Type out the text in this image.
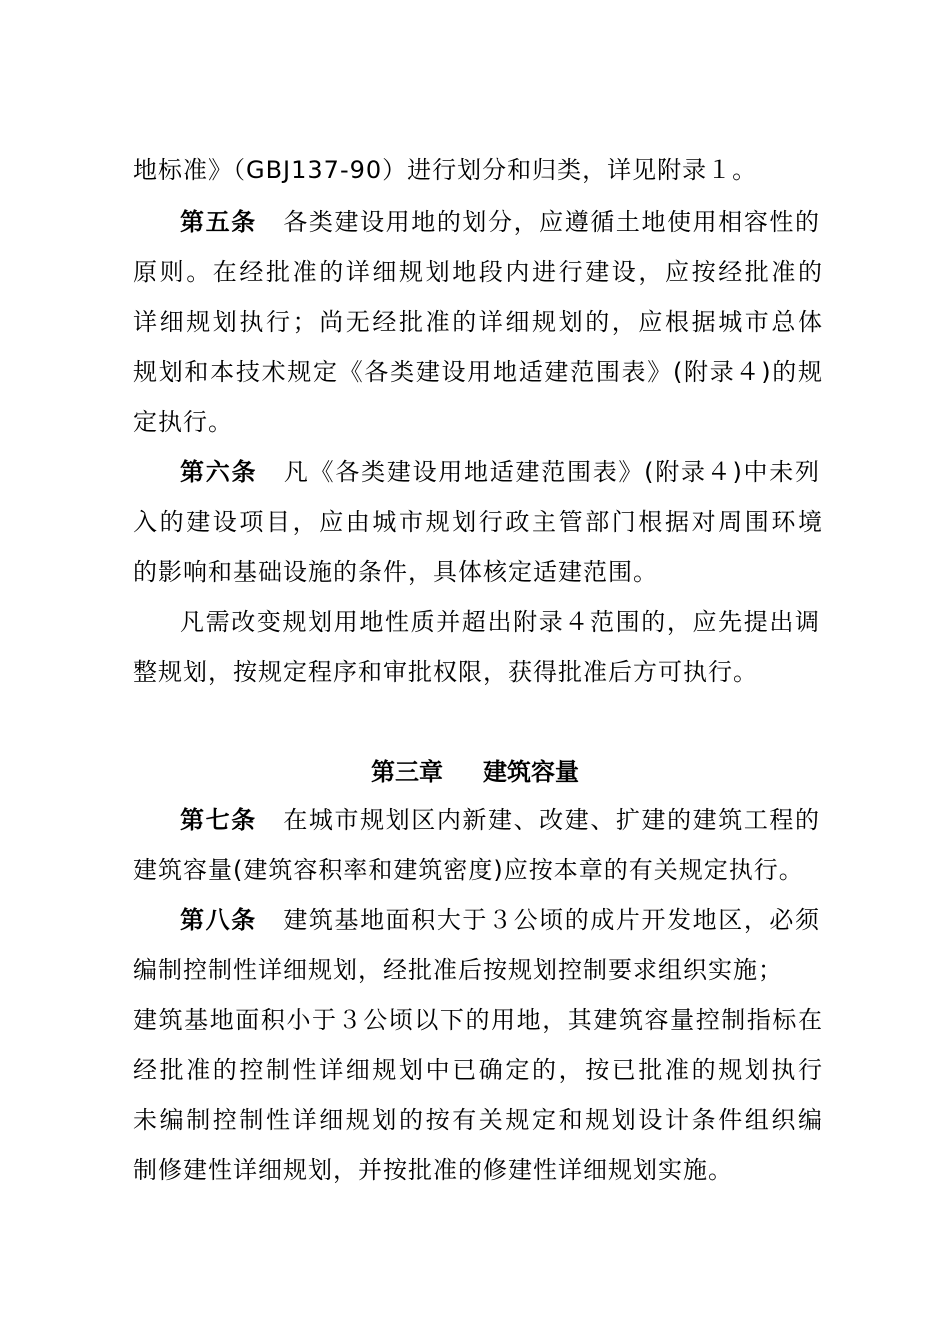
地标准》（GBJ137-90）进行划分和归类，详见附录１。
第五条 各类建设用地的划分，应遵循土地使用相容性的
原则。在经批准的详细规划地段内进行建设，应按经批准的
详细规划执行；尚无经批准的详细规划的，应根据城市总体
规划和本技术规定《各类建设用地适建范围表》(附录４)的规
定执行。
第六条 凡《各类建设用地适建范围表》(附录４)中未列
入的建设项目，应由城市规划行政主管部门根据对周围环境
的影响和基础设施的条件，具体核定适建范围。
凡需改变规划用地性质并超出附录４范围的，应先提出调
整规划，按规定程序和审批权限，获得批准后方可执行。
第三章 建筑容量
第七条 在城市规划区内新建、改建、扩建的建筑工程的
建筑容量(建筑容积率和建筑密度)应按本章的有关规定执行。
第八条 建筑基地面积大于３公顷的成片开发地区，必须
编制控制性详细规划，经批准后按规划控制要求组织实施；
建筑基地面积小于３公顷以下的用地，其建筑容量控制指标在
经批准的控制性详细规划中已确定的，按已批准的规划执行
未编制控制性详细规划的按有关规定和规划设计条件组织编
制修建性详细规划，并按批准的修建性详细规划实施。
